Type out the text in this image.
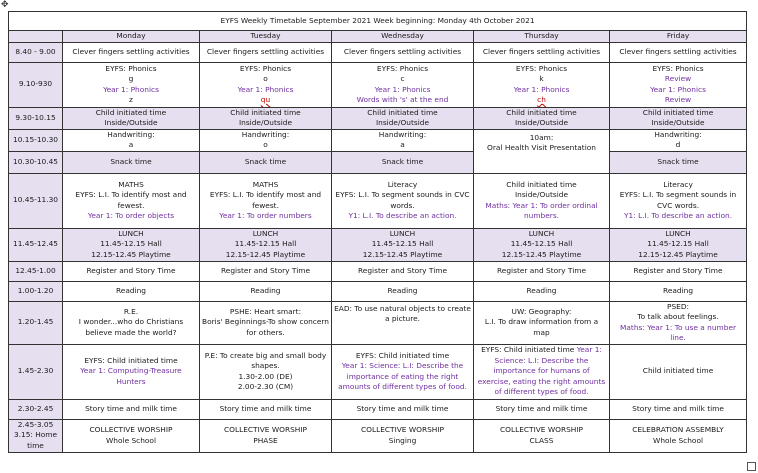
✥
EYFS Weekly Timetable September 2021 Week beginning: Monday 4th October 2021					
	Monday	Tuesday	Wednesday	Thursday	Friday
8.40 - 9.00	Clever fingers settling activities	Clever fingers settling activities	Clever fingers settling activities	Clever fingers settling activities	Clever fingers settling activities
9.10-930	EYFS: Phonics
g
Year 1: Phonics
z	EYFS: Phonics
o
Year 1: Phonics
qu	EYFS: Phonics
c
Year 1: Phonics
Words with 's' at the end	EYFS: Phonics
k
Year 1: Phonics
ch	EYFS: Phonics
Review
Year 1: Phonics
Review

9.30-10.15	Child initiated time
Inside/Outside	Child initiated time
Inside/Outside	Child initiated time
Inside/Outside	Child initiated time
Inside/Outside	Child initiated time
Inside/Outside

10.15-10.30	Handwriting:
a	Handwriting:
o	Handwriting:
a	10am:
Oral Health Visit Presentation	Handwriting:
d

10.30-10.45	Snack time	Snack time	Snack time		Snack time
10.45-11.30	MATHS
EYFS: L.I. To identify most and fewest.
Year 1: To order objects	MATHS
EYFS: L.I. To identify most and fewest.
Year 1: To order numbers	Literacy
EYFS: L.I. To segment sounds in CVC words.
Y1: L.I. To describe an action.	Child initiated time
Inside/Outside
Maths: Year 1: To order ordinal numbers.	Literacy
EYFS: L.I. To segment sounds in CVC words.
Y1: L.I. To describe an action.

11.45-12.45	LUNCH
11.45-12.15 Hall
12.15-12.45 Playtime	LUNCH
11.45-12.15 Hall
12.15-12.45 Playtime	LUNCH
11.45-12.15 Hall
12.15-12.45 Playtime	LUNCH
11.45-12.15 Hall
12.15-12.45 Playtime	LUNCH
11.45-12.15 Hall
12.15-12.45 Playtime

12.45-1.00	Register and Story Time	Register and Story Time	Register and Story Time	Register and Story Time	Register and Story Time
1.00-1.20	Reading	Reading	Reading	Reading	Reading
1.20-1.45	R.E.
I wonder...who do Christians believe made the world?	PSHE: Heart smart:
Boris' Beginnings-To show concern for others.	EAD: To use natural objects to create a picture.	UW: Geography:
L.I. To draw information from a map	PSED:
To talk about feelings.
Maths: Year 1: To use a number line.

1.45-2.30	EYFS: Child initiated time
Year 1: Computing-Treasure Hunters	P.E: To create big and small body shapes.
1.30-2.00 (DE)
2.00-2.30 (CM)	EYFS: Child initiated time
Year 1: Science: L.I: Describe the importance of eating the right amounts of different types of food.	EYFS: Child initiated time Year 1:
Science: L.I: Describe the importance for humans of exercise, eating the right amounts of different types of food.	Child initiated time
2.30-2.45	Story time and milk time	Story time and milk time	Story time and milk time	Story time and milk time	Story time and milk time

2.45-3.05
3.15: Home time	COLLECTIVE WORSHIP
Whole School	COLLECTIVE WORSHIP
PHASE	COLLECTIVE WORSHIP
Singing	COLLECTIVE WORSHIP
CLASS	CELEBRATION ASSEMBLY
Whole School
